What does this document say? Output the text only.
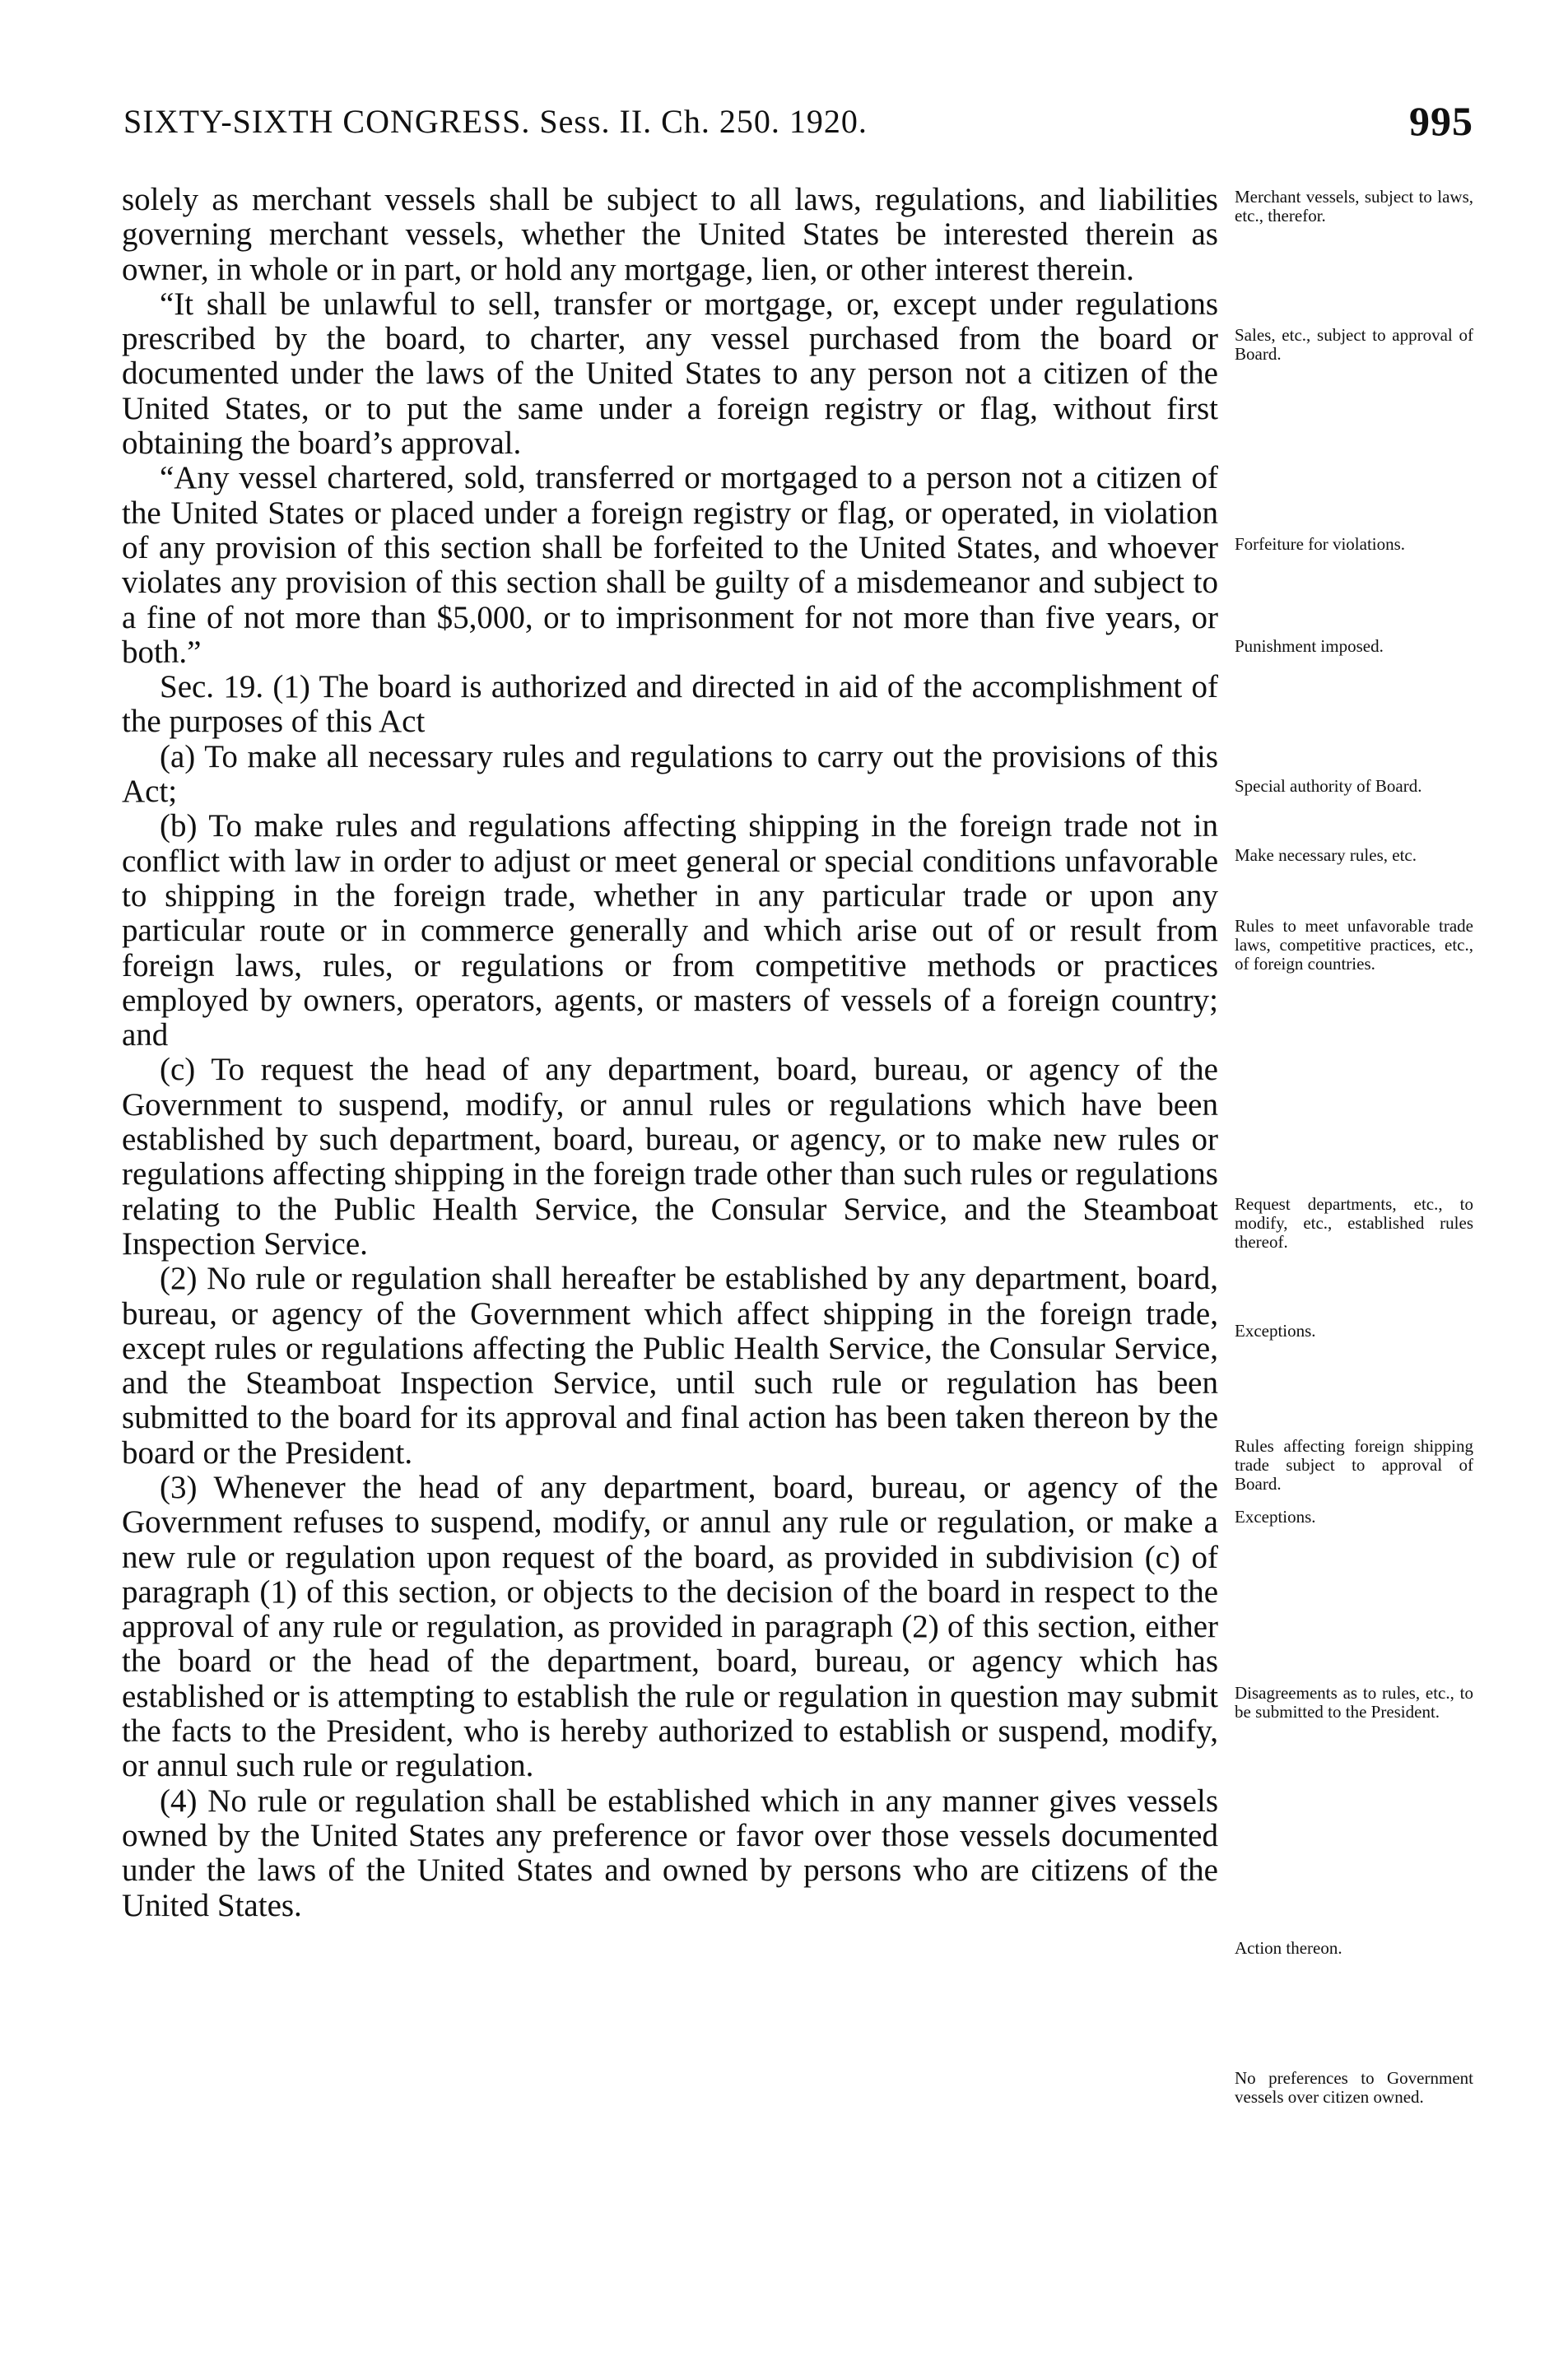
SIXTY-SIXTH CONGRESS. Sess. II. Ch. 250. 1920.	995

solely as merchant vessels shall be subject to all laws, regulations, and liabilities governing merchant vessels, whether the United States be interested therein as owner, in whole or in part, or hold any mortgage, lien, or other interest therein.

“It shall be unlawful to sell, transfer or mortgage, or, except under regulations prescribed by the board, to charter, any vessel purchased from the board or documented under the laws of the United States to any person not a citizen of the United States, or to put the same under a foreign registry or flag, without first obtaining the board’s approval.

“Any vessel chartered, sold, transferred or mortgaged to a person not a citizen of the United States or placed under a foreign registry or flag, or operated, in violation of any provision of this section shall be forfeited to the United States, and whoever violates any provision of this section shall be guilty of a misdemeanor and subject to a fine of not more than $5,000, or to imprisonment for not more than five years, or both.”

Sec. 19. (1) The board is authorized and directed in aid of the accomplishment of the purposes of this Act

(a) To make all necessary rules and regulations to carry out the provisions of this Act;

(b) To make rules and regulations affecting shipping in the foreign trade not in conflict with law in order to adjust or meet general or special conditions unfavorable to shipping in the foreign trade, whether in any particular trade or upon any particular route or in commerce generally and which arise out of or result from foreign laws, rules, or regulations or from competitive methods or practices employed by owners, operators, agents, or masters of vessels of a foreign country; and

(c) To request the head of any department, board, bureau, or agency of the Government to suspend, modify, or annul rules or regulations which have been established by such department, board, bureau, or agency, or to make new rules or regulations affecting shipping in the foreign trade other than such rules or regulations relating to the Public Health Service, the Consular Service, and the Steamboat Inspection Service.

(2) No rule or regulation shall hereafter be established by any department, board, bureau, or agency of the Government which affect shipping in the foreign trade, except rules or regulations affecting the Public Health Service, the Consular Service, and the Steamboat Inspection Service, until such rule or regulation has been submitted to the board for its approval and final action has been taken thereon by the board or the President.

(3) Whenever the head of any department, board, bureau, or agency of the Government refuses to suspend, modify, or annul any rule or regulation, or make a new rule or regulation upon request of the board, as provided in subdivision (c) of paragraph (1) of this section, or objects to the decision of the board in respect to the approval of any rule or regulation, as provided in paragraph (2) of this section, either the board or the head of the department, board, bureau, or agency which has established or is attempting to establish the rule or regulation in question may submit the facts to the President, who is hereby authorized to establish or suspend, modify, or annul such rule or regulation.

(4) No rule or regulation shall be established which in any manner gives vessels owned by the United States any preference or favor over those vessels documented under the laws of the United States and owned by persons who are citizens of the United States.

Merchant vessels, subject to laws, etc., therefor.
Sales, etc., subject to approval of Board.
Forfeiture for violations.
Punishment imposed.
Special authority of Board.
Make necessary rules, etc.
Rules to meet unfavorable trade laws, competitive practices, etc., of foreign countries.
Request departments, etc., to modify, etc., established rules thereof.
Exceptions.
Rules affecting foreign shipping trade subject to approval of Board.
Exceptions.
Disagreements as to rules, etc., to be submitted to the President.
Action thereon.
No preferences to Government vessels over citizen owned.
